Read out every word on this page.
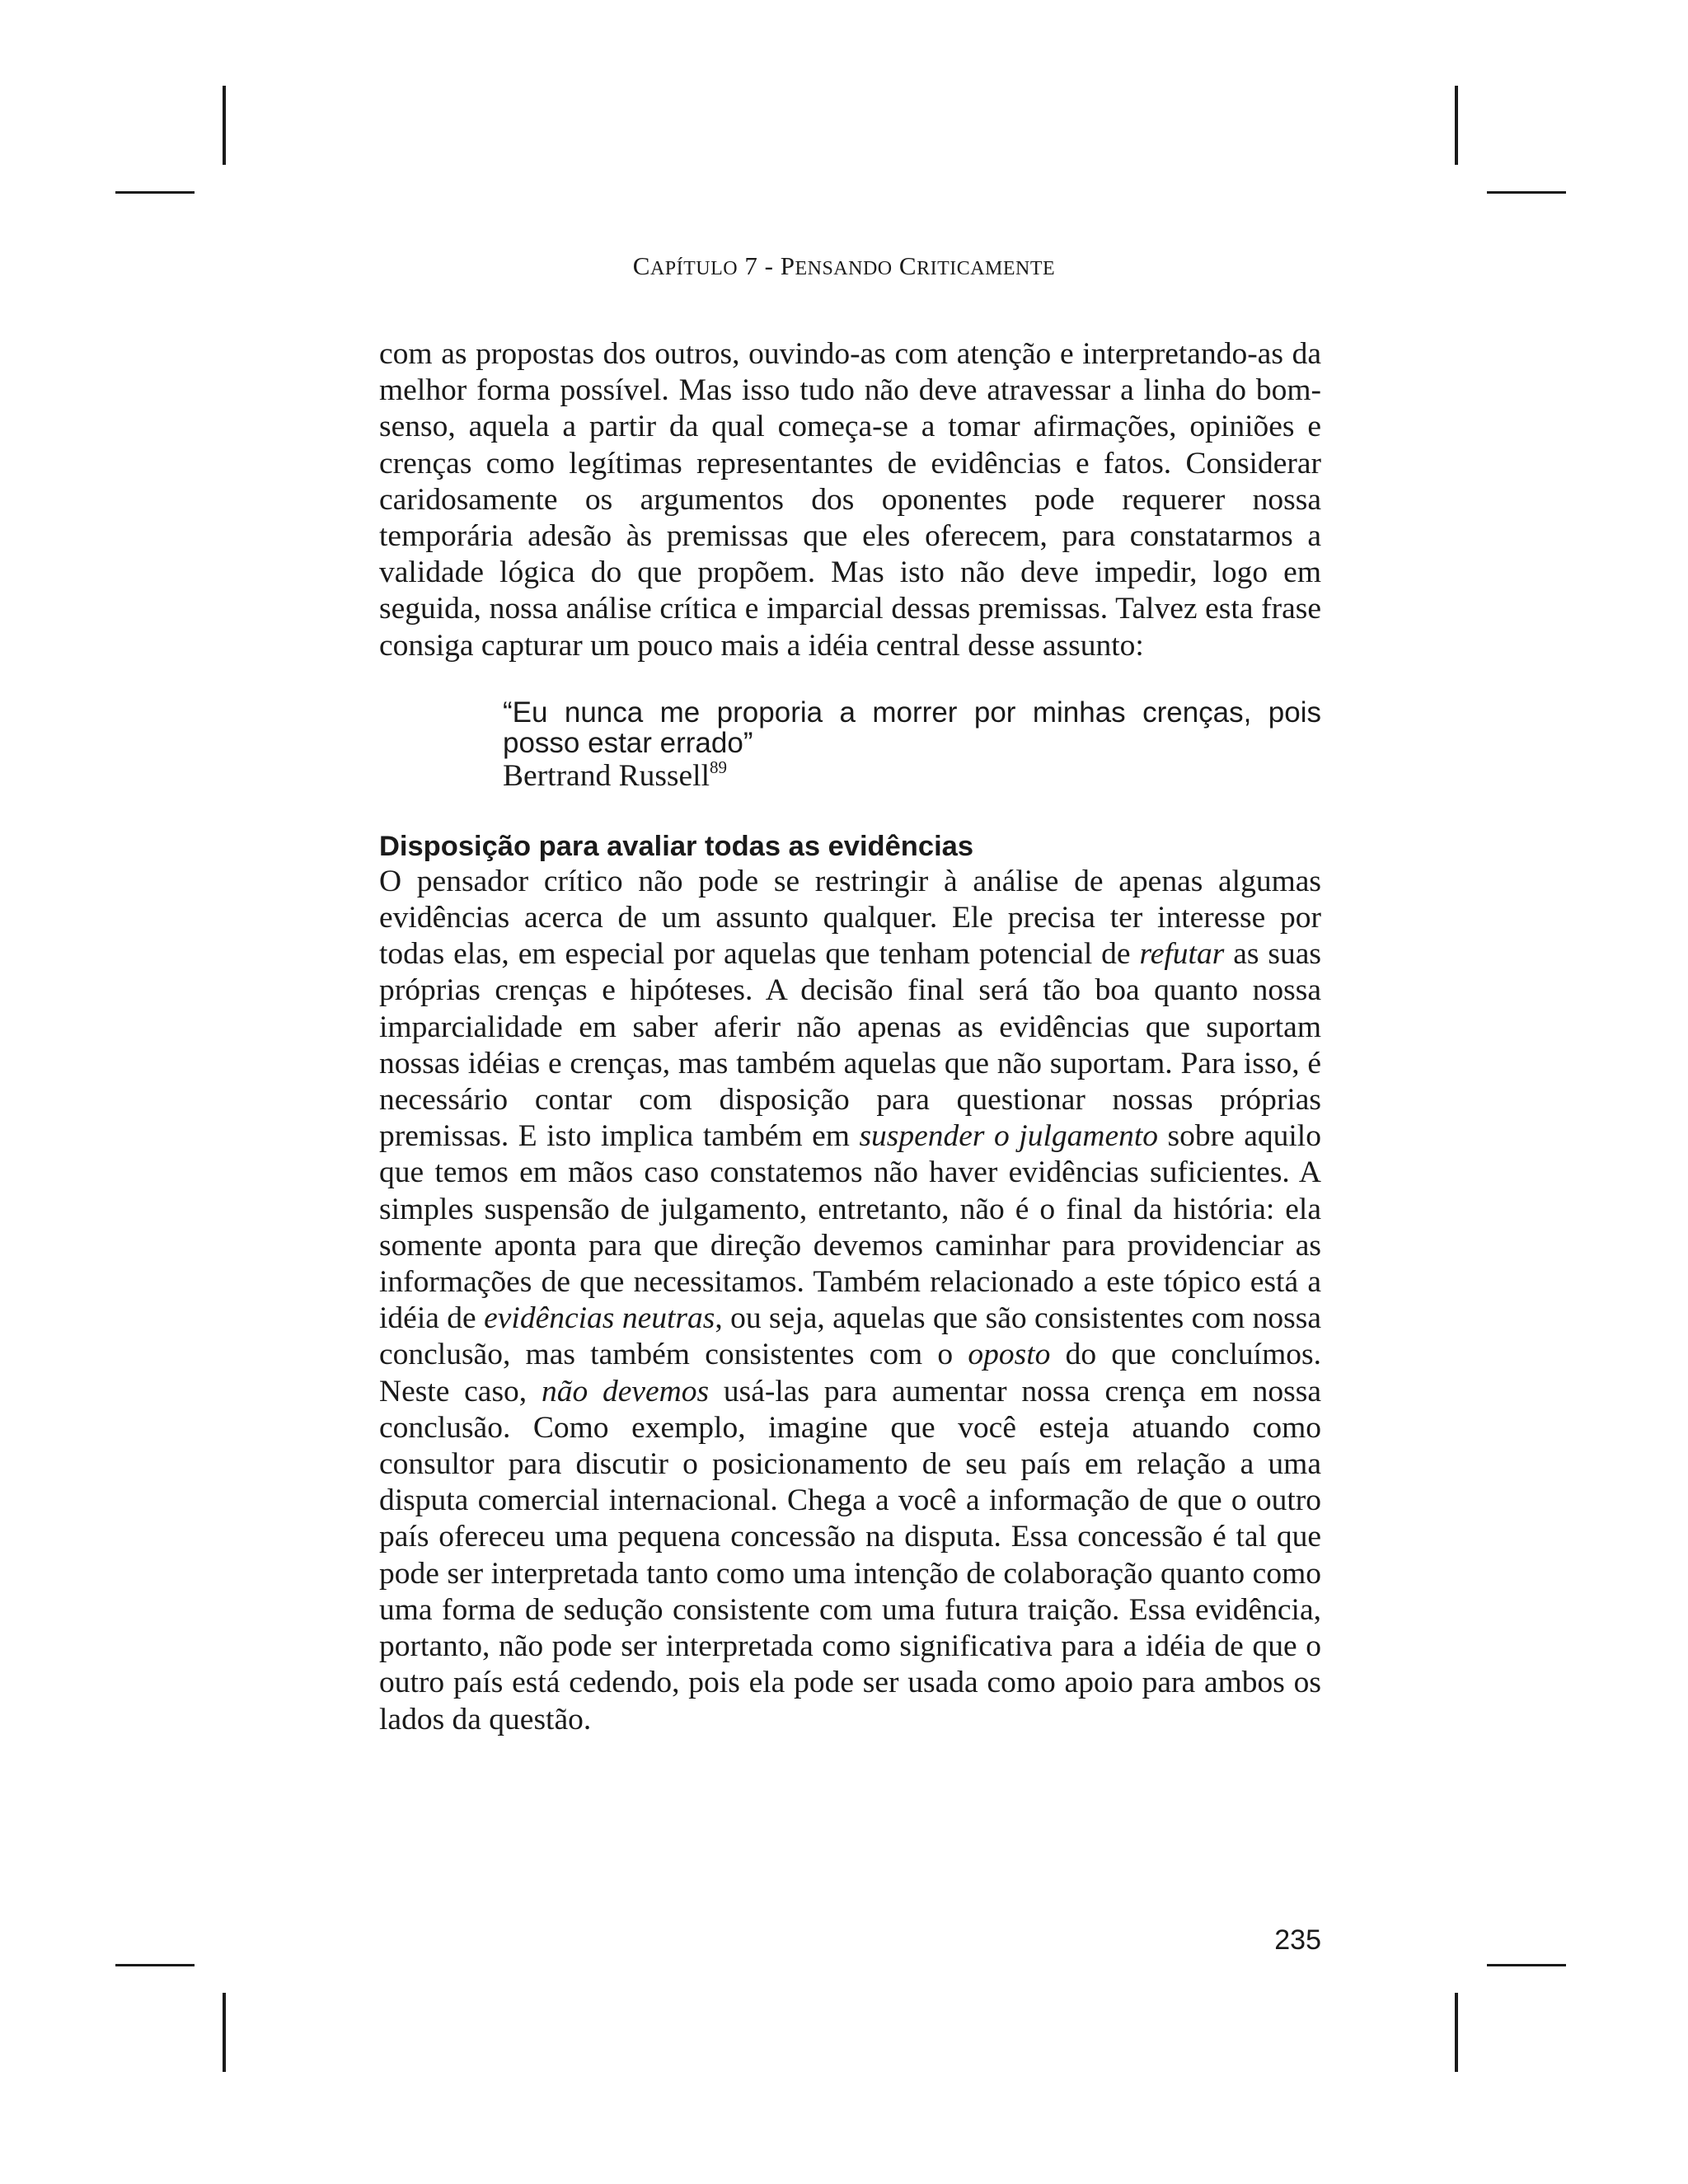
CAPÍTULO 7 - PENSANDO CRITICAMENTE

com as propostas dos outros, ouvindo-as com atenção e interpretando-as da melhor forma possível. Mas isso tudo não deve atravessar a linha do bom-senso, aquela a partir da qual começa-se a tomar afirmações, opiniões e crenças como legítimas representantes de evidências e fatos. Considerar caridosamente os argumentos dos oponentes pode requerer nossa temporária adesão às premissas que eles oferecem, para constatarmos a validade lógica do que propõem. Mas isto não deve impedir, logo em seguida, nossa análise crítica e imparcial dessas premissas. Talvez esta frase consiga capturar um pouco mais a idéia central desse assunto:

“Eu nunca me proporia a morrer por minhas crenças, pois posso estar errado”
Bertrand Russell$^{89}$
Disposição para avaliar todas as evidências

O pensador crítico não pode se restringir à análise de apenas algumas evidências acerca de um assunto qualquer. Ele precisa ter interesse por todas elas, em especial por aquelas que tenham potencial de refutar as suas próprias crenças e hipóteses. A decisão final será tão boa quanto nossa imparcialidade em saber aferir não apenas as evidências que suportam nossas idéias e crenças, mas também aquelas que não suportam. Para isso, é necessário contar com disposição para questionar nossas próprias premissas. E isto implica também em suspender o julgamento sobre aquilo que temos em mãos caso constatemos não haver evidências suficientes. A simples suspensão de julgamento, entretanto, não é o final da história: ela somente aponta para que direção devemos caminhar para providenciar as informações de que necessitamos. Também relacionado a este tópico está a idéia de evidências neutras, ou seja, aquelas que são consistentes com nossa conclusão, mas também consistentes com o oposto do que concluímos. Neste caso, não devemos usá-las para aumentar nossa crença em nossa conclusão. Como exemplo, imagine que você esteja atuando como consultor para discutir o posicionamento de seu país em relação a uma disputa comercial internacional. Chega a você a informação de que o outro país ofereceu uma pequena concessão na disputa. Essa concessão é tal que pode ser interpretada tanto como uma intenção de colaboração quanto como uma forma de sedução consistente com uma futura traição. Essa evidência, portanto, não pode ser interpretada como significativa para a idéia de que o outro país está cedendo, pois ela pode ser usada como apoio para ambos os lados da questão.

235
